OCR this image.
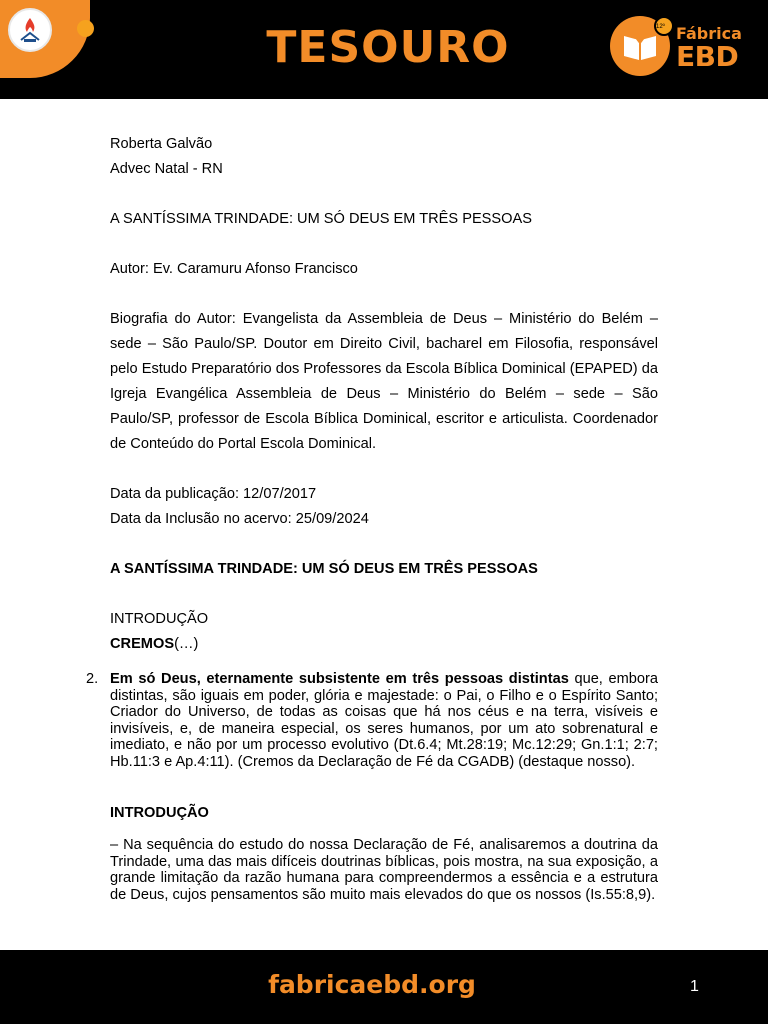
TESOURO	12º Fábrica
EBD
Roberta Galvão
Advec Natal - RN
A SANTÍSSIMA TRINDADE: UM SÓ DEUS EM TRÊS PESSOAS
Autor: Ev. Caramuru Afonso Francisco
Biografia do Autor: Evangelista da Assembleia de Deus – Ministério do Belém – sede – São Paulo/SP. Doutor em Direito Civil, bacharel em Filosofia, responsável pelo Estudo Preparatório dos Professores da Escola Bíblica Dominical (EPAPED) da Igreja Evangélica Assembleia de Deus – Ministério do Belém – sede – São Paulo/SP, professor de Escola Bíblica Dominical, escritor e articulista. Coordenador de Conteúdo do Portal Escola Dominical.
Data da publicação: 12/07/2017
Data da Inclusão no acervo: 25/09/2024
A SANTÍSSIMA TRINDADE: UM SÓ DEUS EM TRÊS PESSOAS
INTRODUÇÃO
CREMOS(…)
2. Em só Deus, eternamente subsistente em três pessoas distintas que, embora distintas, são iguais em poder, glória e majestade: o Pai, o Filho e o Espírito Santo; Criador do Universo, de todas as coisas que há nos céus e na terra, visíveis e invisíveis, e, de maneira especial, os seres humanos, por um ato sobrenatural e imediato, e não por um processo evolutivo (Dt.6.4; Mt.28:19; Mc.12:29; Gn.1:1; 2:7; Hb.11:3 e Ap.4:11). (Cremos da Declaração de Fé da CGADB) (destaque nosso).
INTRODUÇÃO
– Na sequência do estudo do nossa Declaração de Fé, analisaremos a doutrina da Trindade, uma das mais difíceis doutrinas bíblicas, pois mostra, na sua exposição, a grande limitação da razão humana para compreendermos a essência e a estrutura de Deus, cujos pensamentos são muito mais elevados do que os nossos (Is.55:8,9).
fabricaebd.org	1
